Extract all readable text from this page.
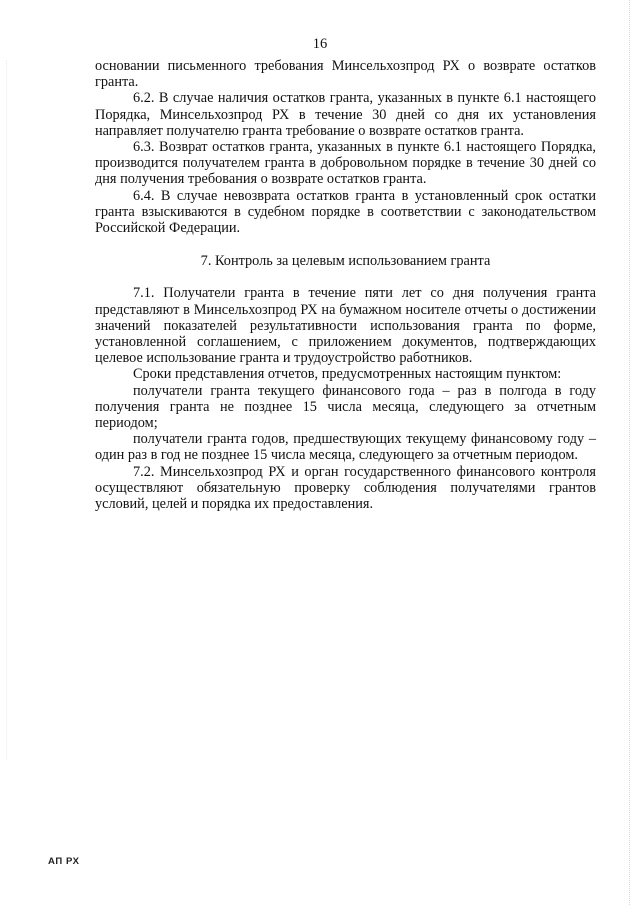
16

основании письменного требования Минсельхозпрод РХ о возврате остатков гранта.

6.2. В случае наличия остатков гранта, указанных в пункте 6.1 настоящего Порядка, Минсельхозпрод РХ в течение 30 дней со дня их установления направляет получателю гранта требование о возврате остатков гранта.

6.3. Возврат остатков гранта, указанных в пункте 6.1 настоящего Порядка, производится получателем гранта в добровольном порядке в течение 30 дней со дня получения требования о возврате остатков гранта.

6.4. В случае невозврата остатков гранта в установленный срок остатки гранта взыскиваются в судебном порядке в соответствии с законодательством Российской Федерации.

7. Контроль за целевым использованием гранта

7.1. Получатели гранта в течение пяти лет со дня получения гранта представляют в Минсельхозпрод РХ на бумажном носителе отчеты о достижении значений показателей результативности использования гранта по форме, установленной соглашением, с приложением документов, подтверждающих целевое использование гранта и трудоустройство работников.

Сроки представления отчетов, предусмотренных настоящим пунктом:

получатели гранта текущего финансового года – раз в полгода в году получения гранта не позднее 15 числа месяца, следующего за отчетным периодом;

получатели гранта годов, предшествующих текущему финансовому году – один раз в год не позднее 15 числа месяца, следующего за отчетным периодом.

7.2. Минсельхозпрод РХ и орган государственного финансового контроля осуществляют обязательную проверку соблюдения получателями грантов условий, целей и порядка их предоставления.

АП РХ
